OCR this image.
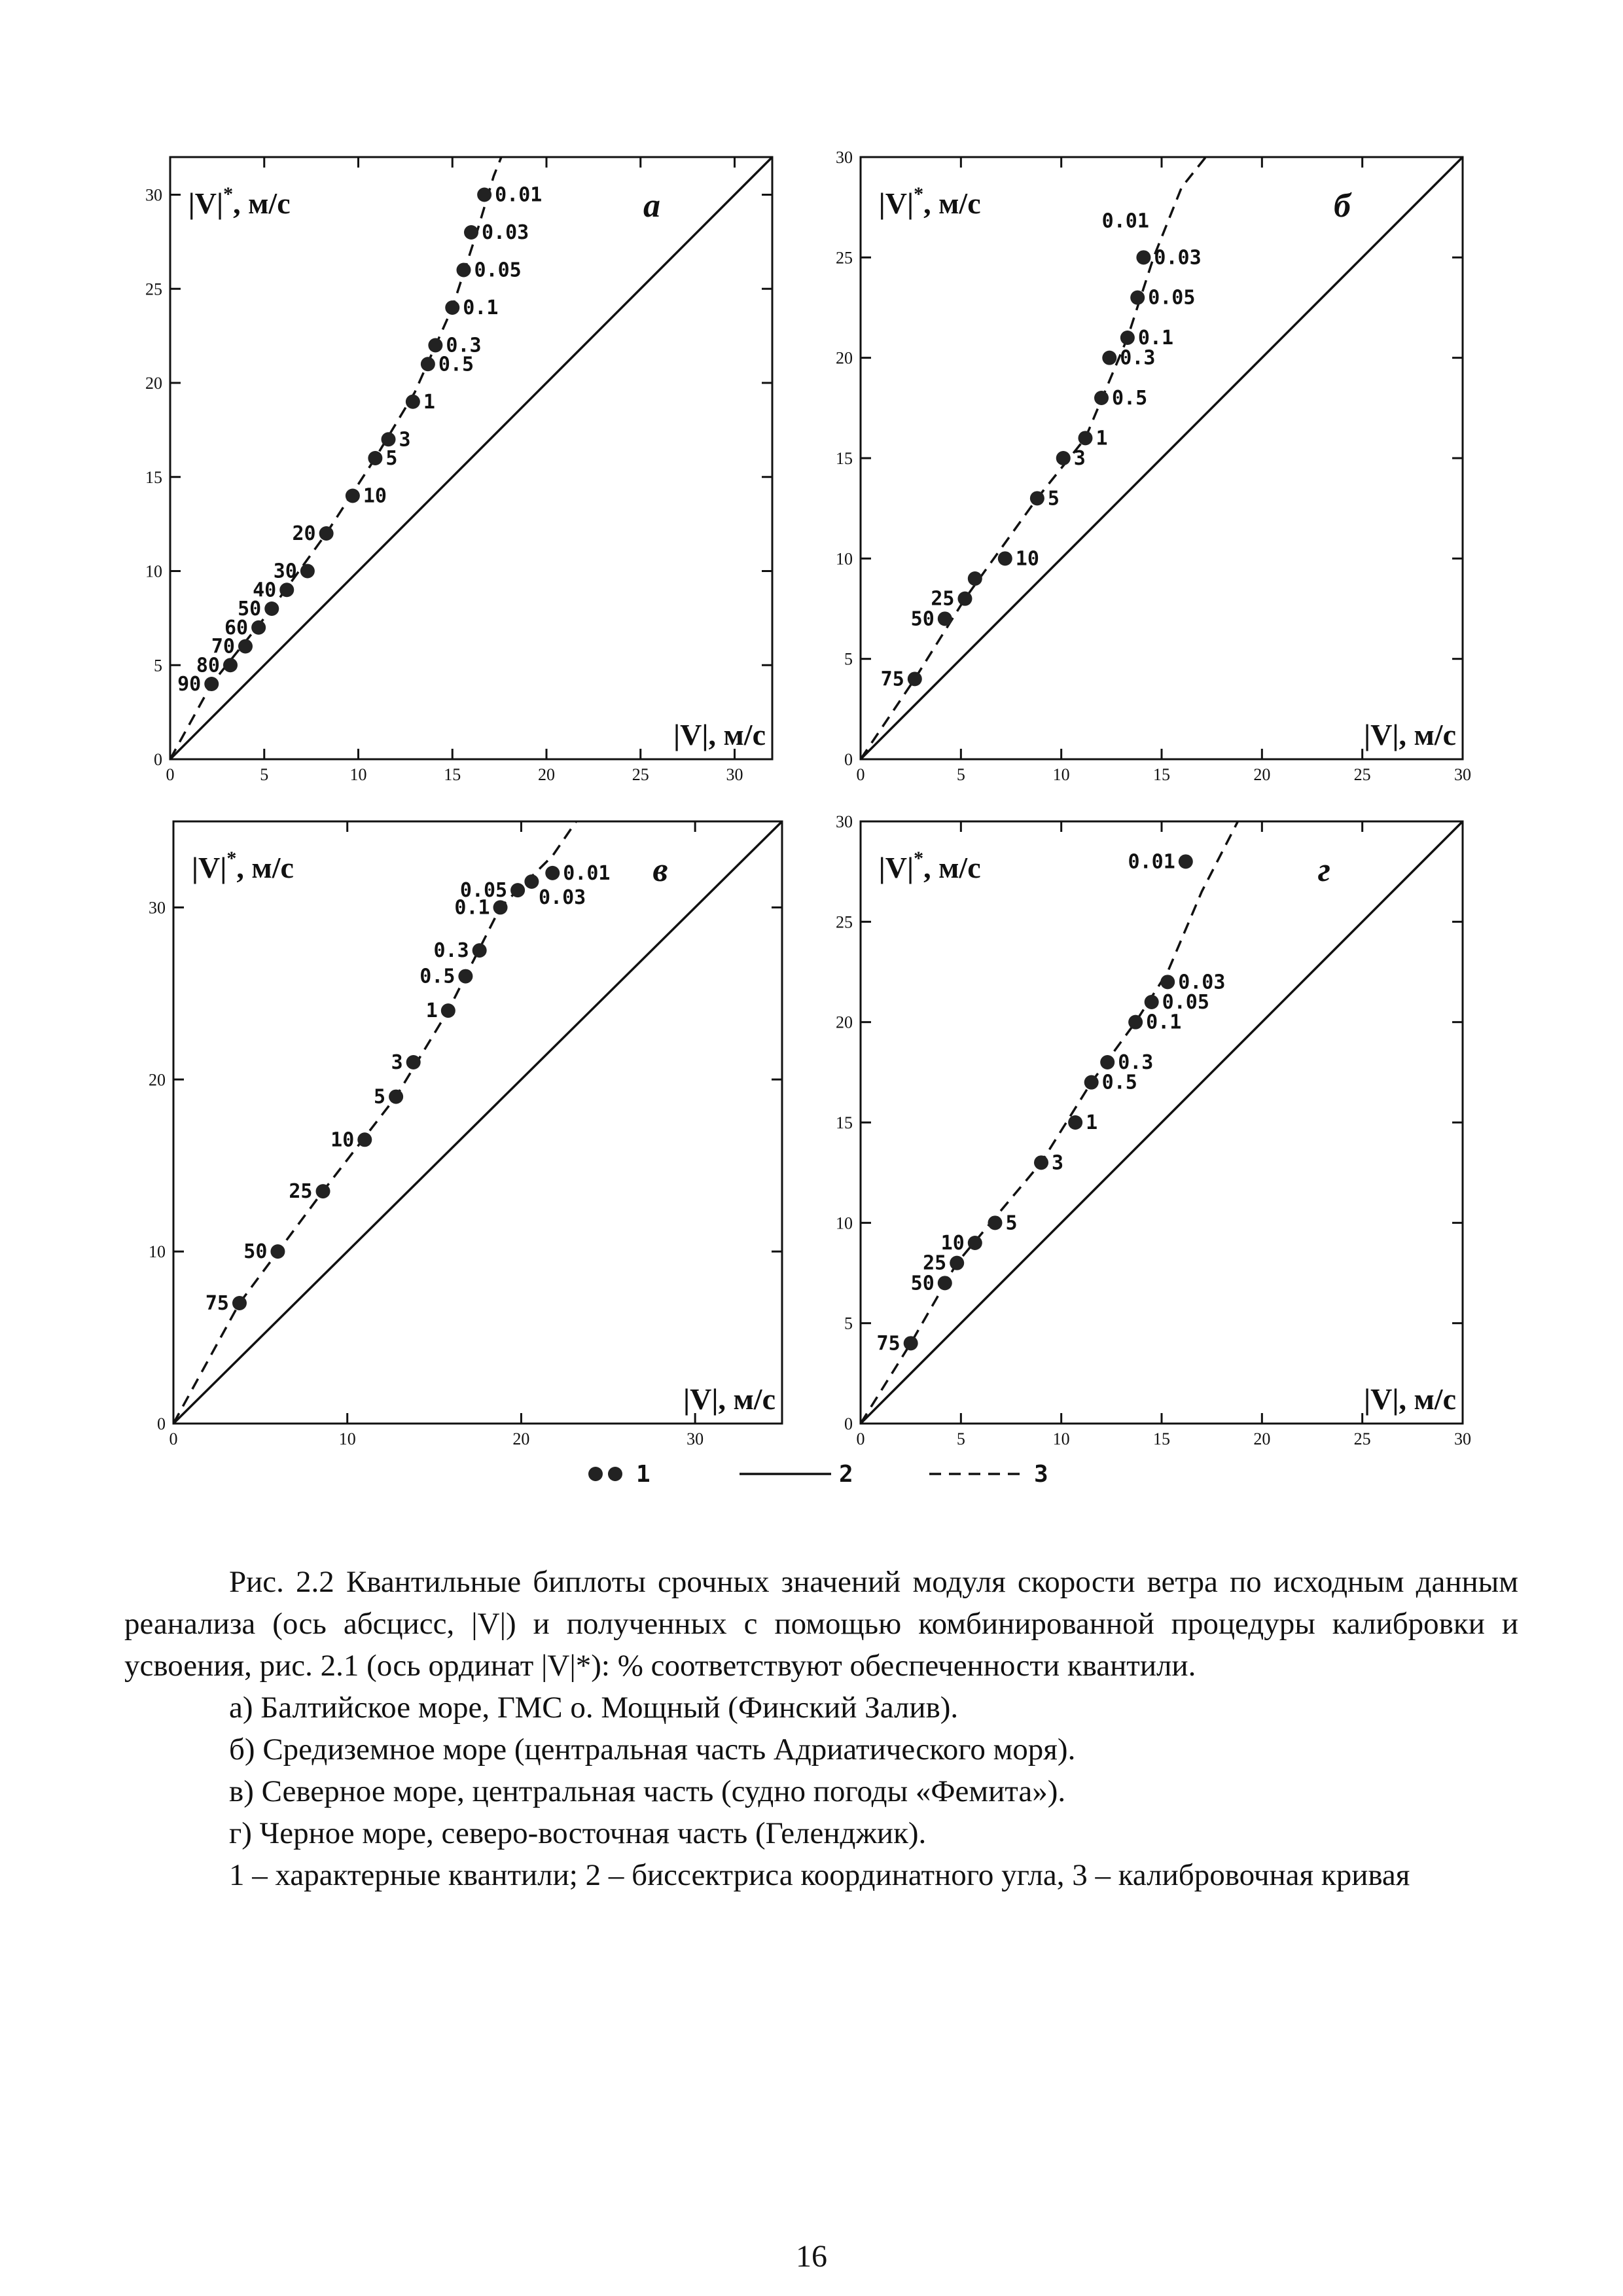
0	5	10	15	20	25	30
0
5
10
15
20
25
30
90
80
70
60
50
40
30
20
10
5
3
1
0.5
0.3
0.1
0.05
0.03
0.01
|V|, м/с
|V|*, м/с	а
0	5	10	15	20	25	30
0
5
10
15
20
25
30
75
50
25
10
5
3
1
0.5
0.3
0.1
0.05
0.03
0.01
|V|, м/с
|V|*, м/с	б
0	10	20	30
0
10
20
30
75
50
25
10
5
3
1
0.5
0.3
0.1
0.05
0.01
0.03
|V|, м/с
|V|*, м/с	в
0	5	10	15	20	25	30
0
5
10
15
20
25
30
75
50
25
10
5
3
1
0.5
0.3
0.1
0.05
0.03
0.01
|V|, м/с
|V|*, м/с	г
1	2	3

Рис. 2.2 Квантильные биплоты срочных значений модуля скорости ветра по исходным данным реанализа (ось абсцисс, |V|) и полученных с помощью комбинированной процедуры калибровки и усвоения, рис. 2.1 (ось ординат |V|*): % соответствуют обеспеченности квантили.

а) Балтийское море, ГМС о. Мощный (Финский Залив).

б) Средиземное море (центральная часть Адриатического моря).

в) Северное море, центральная часть (судно погоды «Фемита»).

г) Черное море, северо-восточная часть (Геленджик).

1 – характерные квантили; 2 – биссектриса координатного угла, 3 – калибровочная кривая

16
